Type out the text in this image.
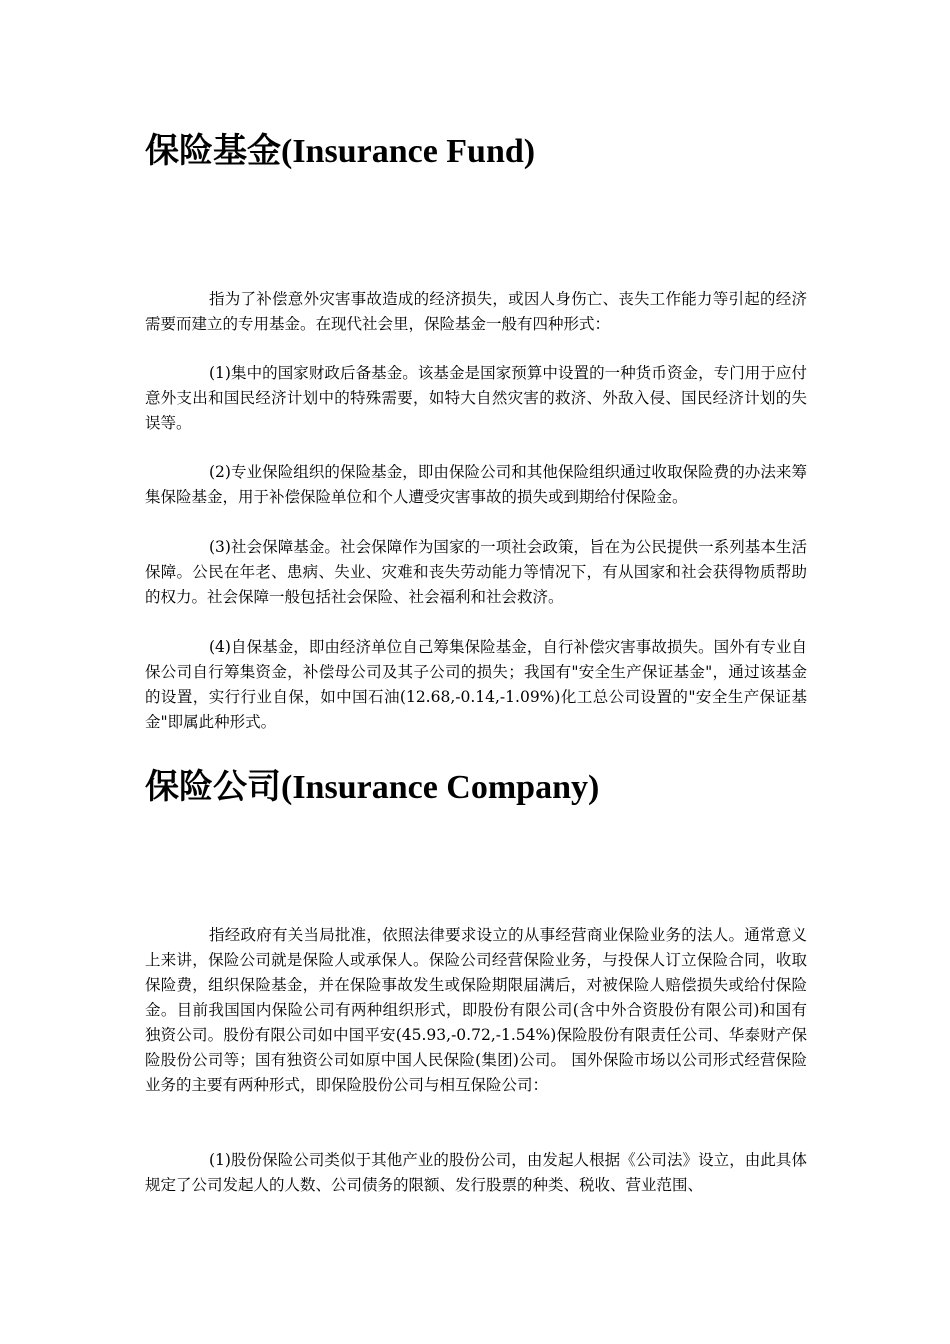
保险基金(Insurance Fund)

指为了补偿意外灾害事故造成的经济损失，或因人身伤亡、丧失工作能力等引起的经济需要而建立的专用基金。在现代社会里，保险基金一般有四种形式：

(1)集中的国家财政后备基金。该基金是国家预算中设置的一种货币资金，专门用于应付意外支出和国民经济计划中的特殊需要，如特大自然灾害的救济、外敌入侵、国民经济计划的失误等。

(2)专业保险组织的保险基金，即由保险公司和其他保险组织通过收取保险费的办法来筹集保险基金，用于补偿保险单位和个人遭受灾害事故的损失或到期给付保险金。

(3)社会保障基金。社会保障作为国家的一项社会政策，旨在为公民提供一系列基本生活保障。公民在年老、患病、失业、灾难和丧失劳动能力等情况下，有从国家和社会获得物质帮助的权力。社会保障一般包括社会保险、社会福利和社会救济。

(4)自保基金，即由经济单位自己筹集保险基金，自行补偿灾害事故损失。国外有专业自保公司自行筹集资金，补偿母公司及其子公司的损失；我国有"安全生产保证基金"，通过该基金的设置，实行行业自保，如中国石油(12.68,-0.14,-1.09%)化工总公司设置的"安全生产保证基金"即属此种形式。

保险公司(Insurance Company)

指经政府有关当局批准，依照法律要求设立的从事经营商业保险业务的法人。通常意义上来讲，保险公司就是保险人或承保人。保险公司经营保险业务，与投保人订立保险合同，收取保险费，组织保险基金，并在保险事故发生或保险期限届满后，对被保险人赔偿损失或给付保险金。目前我国国内保险公司有两种组织形式，即股份有限公司(含中外合资股份有限公司)和国有独资公司。股份有限公司如中国平安(45.93,-0.72,-1.54%)保险股份有限责任公司、华泰财产保险股份公司等；国有独资公司如原中国人民保险(集团)公司。 国外保险市场以公司形式经营保险业务的主要有两种形式，即保险股份公司与相互保险公司：

(1)股份保险公司类似于其他产业的股份公司，由发起人根据《公司法》设立，由此具体规定了公司发起人的人数、公司债务的限额、发行股票的种类、税收、营业范围、
